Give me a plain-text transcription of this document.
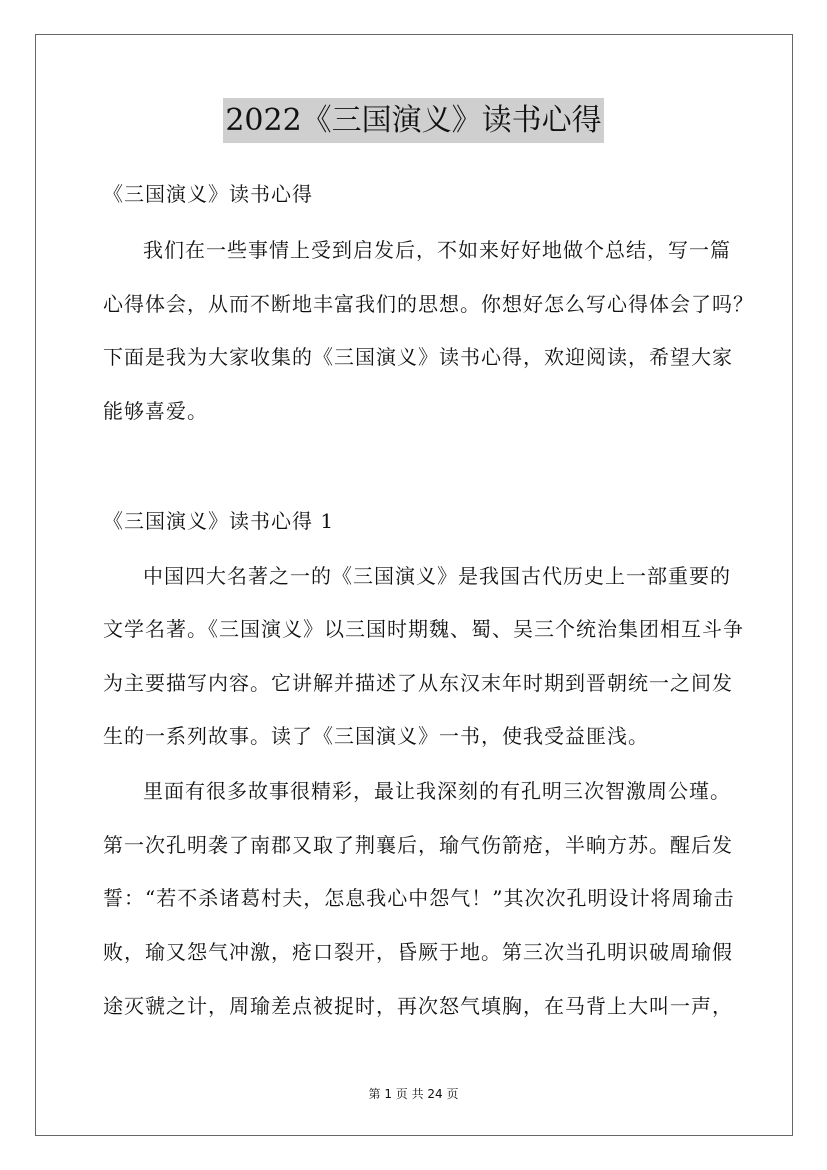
2022《三国演义》读书心得
《三国演义》读书心得
我们在一些事情上受到启发后，不如来好好地做个总结，写一篇
心得体会，从而不断地丰富我们的思想。你想好怎么写心得体会了吗？
下面是我为大家收集的《三国演义》读书心得，欢迎阅读，希望大家
能够喜爱。
《三国演义》读书心得 1
中国四大名著之一的《三国演义》是我国古代历史上一部重要的
文学名著。《三国演义》以三国时期魏、蜀、吴三个统治集团相互斗争
为主要描写内容。它讲解并描述了从东汉末年时期到晋朝统一之间发
生的一系列故事。读了《三国演义》一书，使我受益匪浅。
里面有很多故事很精彩，最让我深刻的有孔明三次智激周公瑾。
第一次孔明袭了南郡又取了荆襄后，瑜气伤箭疮，半晌方苏。醒后发
誓：“若不杀诸葛村夫，怎息我心中怨气！”其次次孔明设计将周瑜击
败，瑜又怨气冲激，疮口裂开，昏厥于地。第三次当孔明识破周瑜假
途灭虢之计，周瑜差点被捉时，再次怒气填胸，在马背上大叫一声，
第 1 页 共 24 页
